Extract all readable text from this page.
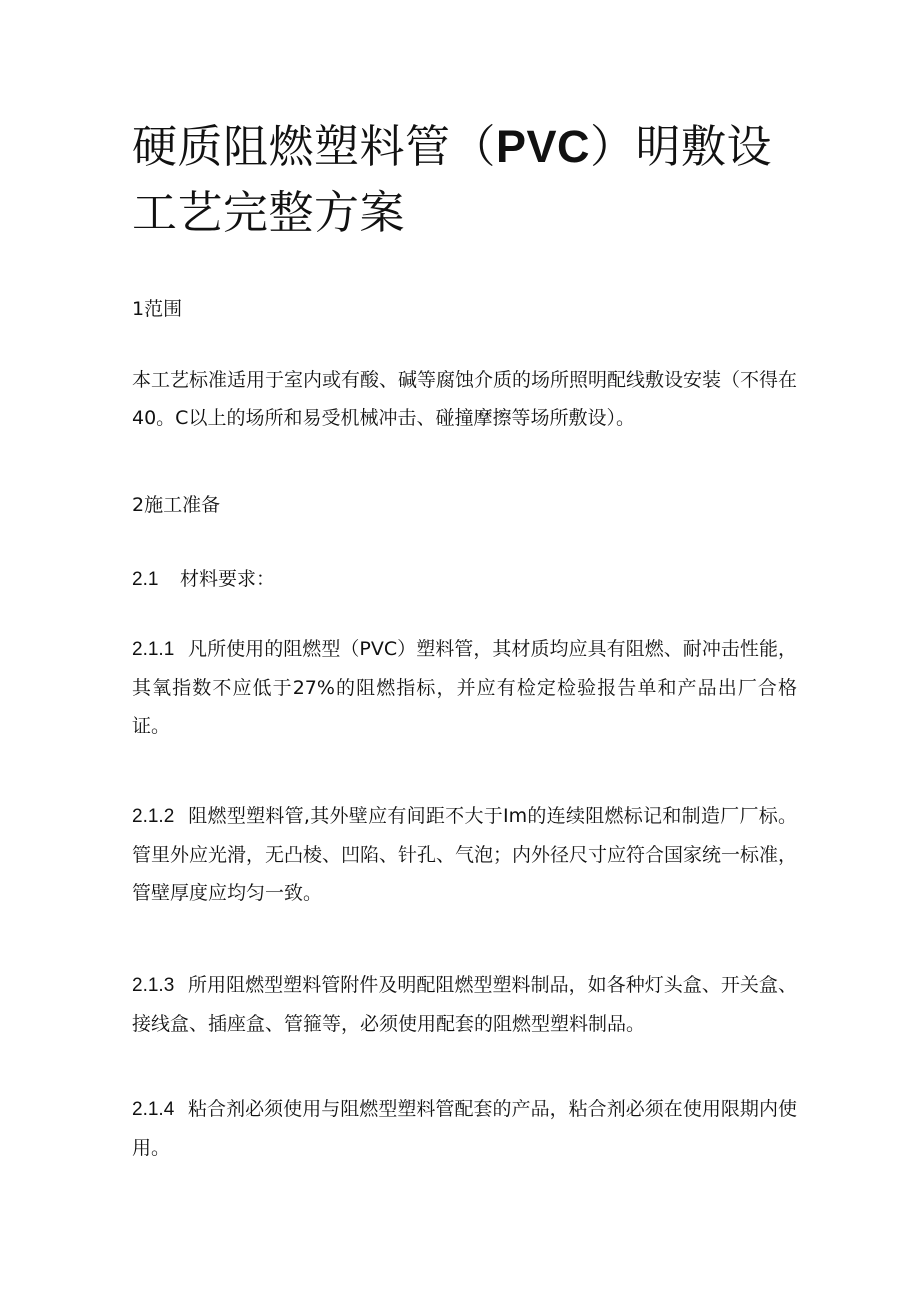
硬质阻燃塑料管（PVC）明敷设工艺完整方案

1范围

本工艺标准适用于室内或有酸、碱等腐蚀介质的场所照明配线敷设安装（不得在40。C以上的场所和易受机械冲击、碰撞摩擦等场所敷设）。

2施工准备

2.1 材料要求：

2.1.1 凡所使用的阻燃型（PVC）塑料管，其材质均应具有阻燃、耐冲击性能，其氧指数不应低于27%的阻燃指标，并应有检定检验报告单和产品出厂合格证。

2.1.2 阻燃型塑料管,其外壁应有间距不大于Im的连续阻燃标记和制造厂厂标。管里外应光滑，无凸棱、凹陷、针孔、气泡；内外径尺寸应符合国家统一标准，管壁厚度应均匀一致。

2.1.3 所用阻燃型塑料管附件及明配阻燃型塑料制品，如各种灯头盒、开关盒、接线盒、插座盒、管箍等，必须使用配套的阻燃型塑料制品。

2.1.4 粘合剂必须使用与阻燃型塑料管配套的产品，粘合剂必须在使用限期内使用。
